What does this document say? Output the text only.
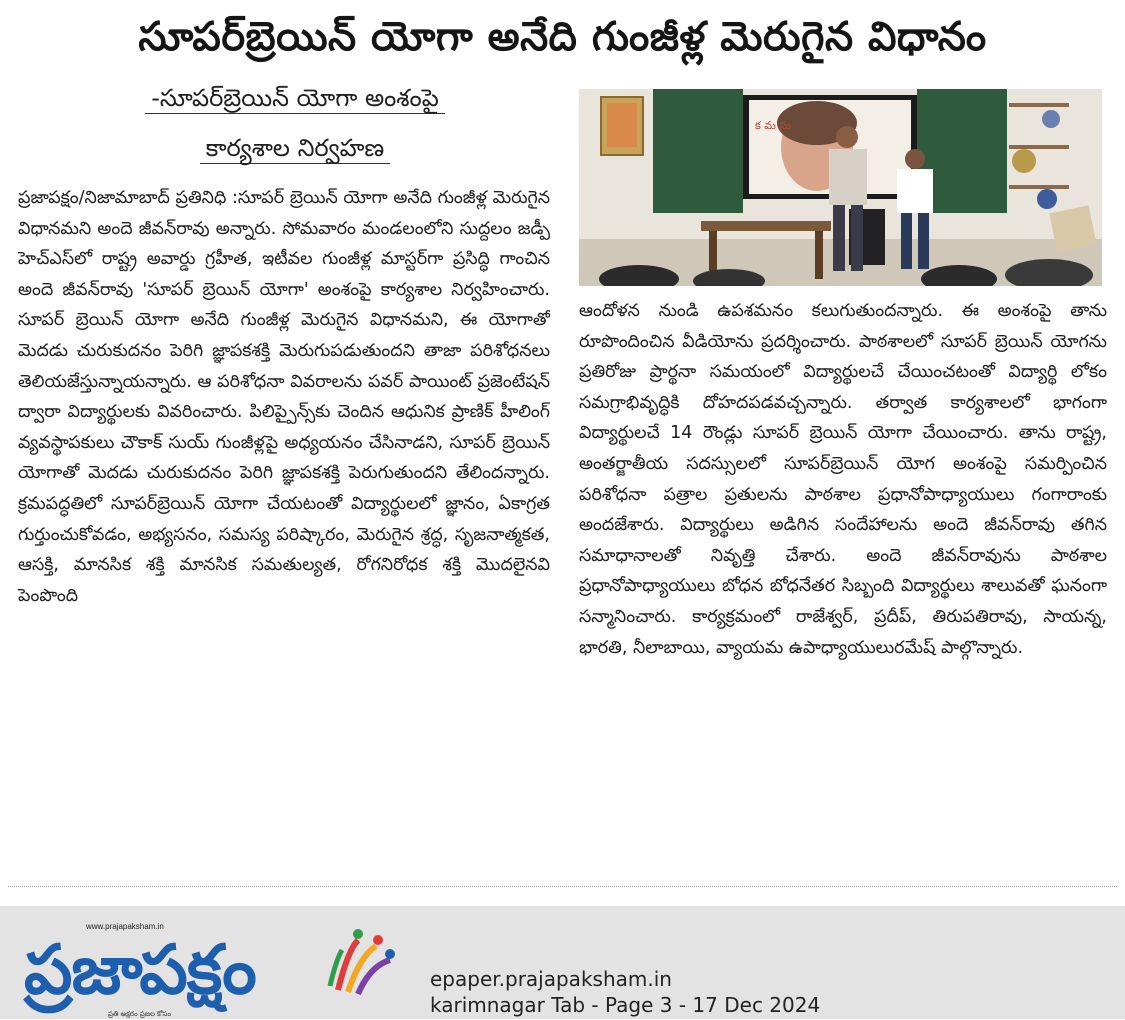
సూపర్‌బ్రెయిన్ యోగా అనేది గుంజీళ్ల మెరుగైన విధానం
-సూపర్‌బ్రెయిన్ యోగా అంశంపై
కార్యశాల నిర్వహణ

ప్రజాపక్షం/నిజామాబాద్ ప్రతినిధి :సూపర్ బ్రెయిన్ యోగా అనేది గుంజీళ్ల మెరుగైన విధానమని అందె జీవన్‌రావు అన్నారు. సోమవారం మండలంలోని సుద్దలం జడ్పీ హెచ్ఎస్‌లో రాష్ట్ర అవార్డు గ్రహీత, ఇటీవల గుంజీళ్ల మాస్టర్‌గా ప్రసిద్ధి గాంచిన అందె జీవన్‌రావు 'సూపర్ బ్రెయిన్ యోగా' అంశంపై కార్యశాల నిర్వహించారు. సూపర్ బ్రెయిన్ యోగా అనేది గుంజీళ్ల మెరుగైన విధానమని, ఈ యోగాతో మెదడు చురుకుదనం పెరిగి జ్ఞాపకశక్తి మెరుగుపడుతుందని తాజా పరిశోధనలు తెలియజేస్తున్నాయన్నారు. ఆ పరిశోధనా వివరాలను పవర్ పాయింట్ ప్రజెంటేషన్ ద్వారా విద్యార్థులకు వివరించారు. పిలిప్పైన్స్‌కు చెందిన ఆధునిక ప్రాణిక్ హీలింగ్ వ్యవస్థాపకులు చౌకాక్ సుయ్ గుంజీళ్లపై అధ్యయనం చేసినాడని, సూపర్ బ్రెయిన్ యోగాతో మెదడు చురుకుదనం పెరిగి జ్ఞాపకశక్తి పెరుగుతుందని తేలిందన్నారు. క్రమపద్ధతిలో సూపర్‌బ్రెయిన్ యోగా చేయటంతో విద్యార్థులలో జ్ఞానం, ఏకాగ్రత గుర్తుంచుకోవడం, అభ్యసనం, సమస్య పరిష్కారం, మెరుగైన శ్రద్ధ, సృజనాత్మకత, ఆసక్తి, మానసిక శక్తి మానసిక సమతుల్యత, రోగనిరోధక శక్తి మొదలైనవి పెంపొంది

క మ సు

ఆందోళన నుండి ఉపశమనం కలుగుతుందన్నారు. ఈ అంశంపై తాను రూపొందించిన వీడియోను ప్రదర్శించారు. పాఠశాలలో సూపర్ బ్రెయిన్ యోగను ప్రతిరోజు ప్రార్థనా సమయంలో విద్యార్థులచే చేయించటంతో విద్యార్థి లోకం సమగ్రాభివృద్ధికి దోహదపడవచ్చన్నారు. తర్వాత కార్యశాలలో భాగంగా విద్యార్థులచే 14 రౌండ్లు సూపర్ బ్రెయిన్ యోగా చేయించారు. తాను రాష్ట్ర, అంతర్జాతీయ సదస్సులలో సూపర్‌బ్రెయిన్ యోగ అంశంపై సమర్పించిన పరిశోధనా పత్రాల ప్రతులను పాఠశాల ప్రధానోపాధ్యాయులు గంగారాంకు అందజేశారు. విద్యార్థులు అడిగిన సందేహాలను అందె జీవన్‌రావు తగిన సమాధానాలతో నివృత్తి చేశారు. అందె జీవన్‌రావును పాఠశాల ప్రధానోపాధ్యాయులు బోధన బోధనేతర సిబ్బంది విద్యార్థులు శాలువతో ఘనంగా సన్మానించారు. కార్యక్రమంలో రాజేశ్వర్, ప్రదీప్, తిరుపతిరావు, సాయన్న, భారతి, నీలాబాయి, వ్యాయమ ఉపాధ్యాయులురమేష్ పాల్గొన్నారు.

www.prajapaksham.in
ప్రజాపక్షం
ప్రతి అక్షరం ప్రజల కోసం
epaper.prajapaksham.in
karimnagar Tab - Page 3 - 17 Dec 2024
